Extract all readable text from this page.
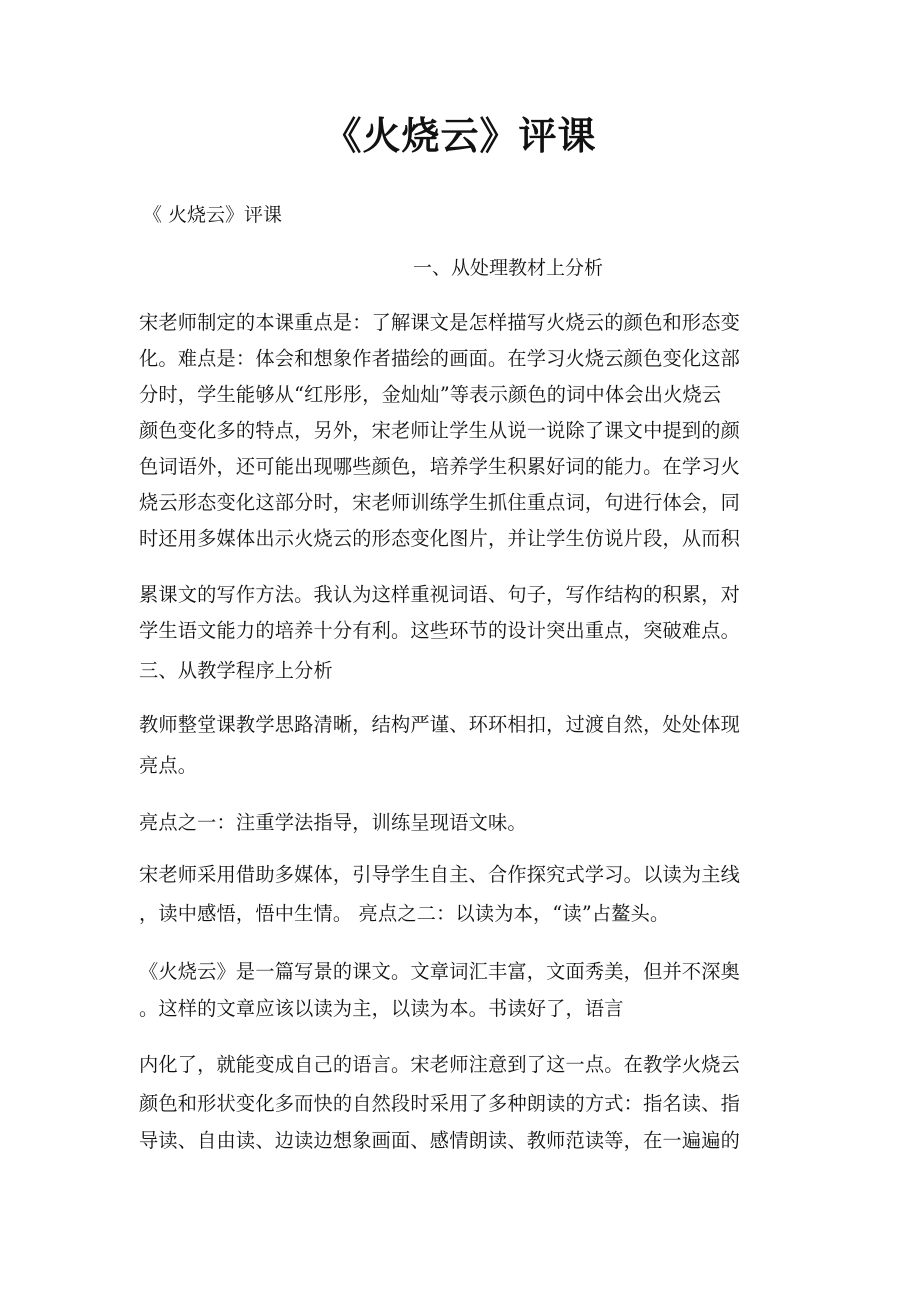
《火烧云》评课
《 火烧云》评课
一、从处理教材上分析
宋老师制定的本课重点是：了解课文是怎样描写火烧云的颜色和形态变
化。难点是：体会和想象作者描绘的画面。在学习火烧云颜色变化这部
分时，学生能够从“红彤彤，金灿灿”等表示颜色的词中体会出火烧云
颜色变化多的特点，另外，宋老师让学生从说一说除了课文中提到的颜
色词语外，还可能出现哪些颜色，培养学生积累好词的能力。在学习火
烧云形态变化这部分时，宋老师训练学生抓住重点词，句进行体会，同
时还用多媒体出示火烧云的形态变化图片，并让学生仿说片段，从而积
累课文的写作方法。我认为这样重视词语、句子，写作结构的积累，对
学生语文能力的培养十分有利。这些环节的设计突出重点，突破难点。
三、从教学程序上分析
教师整堂课教学思路清晰，结构严谨、环环相扣，过渡自然，处处体现
亮点。
亮点之一：注重学法指导，训练呈现语文味。
宋老师采用借助多媒体，引导学生自主、合作探究式学习。以读为主线
，读中感悟，悟中生情。 亮点之二：以读为本，“读”占鳌头。
《火烧云》是一篇写景的课文。文章词汇丰富，文面秀美，但并不深奥
。这样的文章应该以读为主，以读为本。书读好了，语言
内化了，就能变成自己的语言。宋老师注意到了这一点。在教学火烧云
颜色和形状变化多而快的自然段时采用了多种朗读的方式：指名读、指
导读、自由读、边读边想象画面、感情朗读、教师范读等，在一遍遍的
